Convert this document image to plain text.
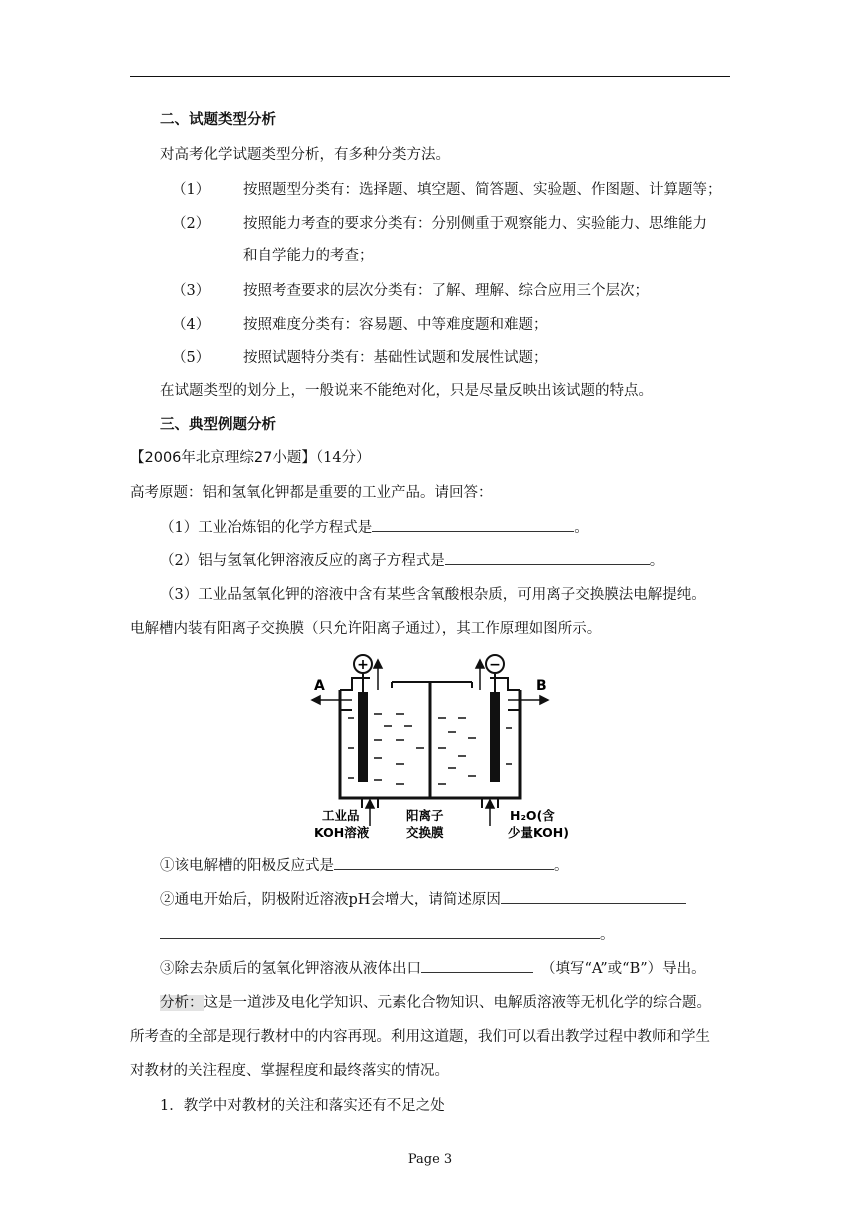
二、试题类型分析
对高考化学试题类型分析，有多种分类方法。
（1） 按照题型分类有：选择题、填空题、简答题、实验题、作图题、计算题等；
（2） 按照能力考查的要求分类有：分别侧重于观察能力、实验能力、思维能力
和自学能力的考查；
（3） 按照考查要求的层次分类有：了解、理解、综合应用三个层次；
（4） 按照难度分类有：容易题、中等难度题和难题；
（5） 按照试题特分类有：基础性试题和发展性试题；
在试题类型的划分上，一般说来不能绝对化，只是尽量反映出该试题的特点。
三、典型例题分析
【2006年北京理综27小题】（14分）
高考原题：铝和氢氧化钾都是重要的工业产品。请回答：
（1）工业冶炼铝的化学方程式是	。
（2）铝与氢氧化钾溶液反应的离子方程式是	。
（3）工业品氢氧化钾的溶液中含有某些含氧酸根杂质，可用离子交换膜法电解提纯。
电解槽内装有阳离子交换膜（只允许阳离子通过），其工作原理如图所示。
+	−
A	B
工业品
KOH溶液
阳离子
交换膜
H₂O(含
少量KOH)
①该电解槽的阳极反应式是	。
②通电开始后，阴极附近溶液pH会增大，请简述原因
。
③除去杂质后的氢氧化钾溶液从液体出口	（填写“A”或“B”）导出。
分析：这是一道涉及电化学知识、元素化合物知识、电解质溶液等无机化学的综合题。
所考查的全部是现行教材中的内容再现。利用这道题，我们可以看出教学过程中教师和学生
对教材的关注程度、掌握程度和最终落实的情况。
1．教学中对教材的关注和落实还有不足之处
Page 3
